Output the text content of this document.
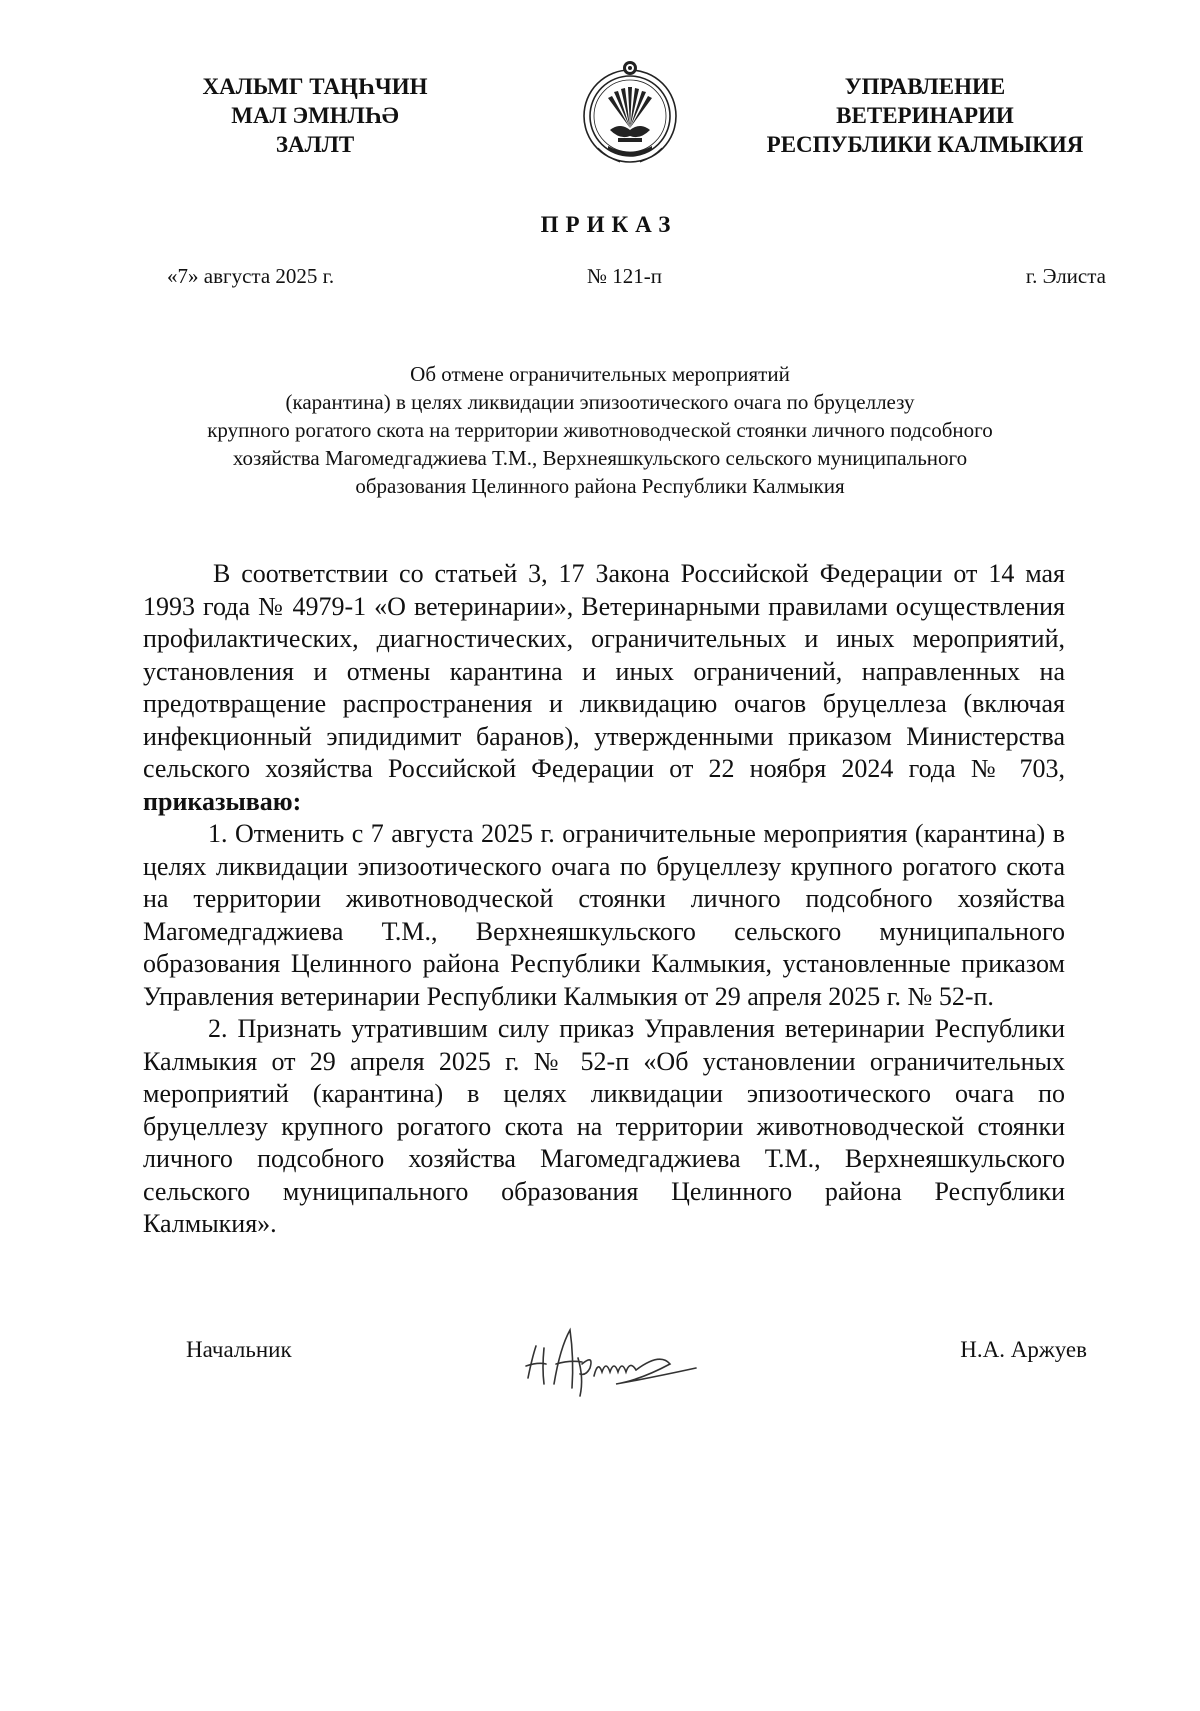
ХАЛЬМГ ТАҢҺЧИН
МАЛ ЭМНЛҺӘ
ЗАЛЛТ
УПРАВЛЕНИЕ
ВЕТЕРИНАРИИ
РЕСПУБЛИКИ КАЛМЫКИЯ
ПРИКАЗ
«7» августа 2025 г.	№ 121-п	г. Элиста
Об отмене ограничительных мероприятий
(карантина) в целях ликвидации эпизоотического очага по бруцеллезу
крупного рогатого скота на территории животноводческой стоянки личного подсобного
хозяйства Магомедгаджиева Т.М., Верхнеяшкульского сельского муниципального
образования Целинного района Республики Калмыкия

В соответствии со статьей 3, 17 Закона Российской Федерации от 14 мая 1993 года № 4979-1 «О ветеринарии», Ветеринарными правилами осуществления профилактических, диагностических, ограничительных и иных мероприятий, установления и отмены карантина и иных ограничений, направленных на предотвращение распространения и ликвидацию очагов бруцеллеза (включая инфекционный эпидидимит баранов), утвержденными приказом Министерства сельского хозяйства Российской Федерации от 22 ноября 2024 года № 703, приказываю:

1. Отменить с 7 августа 2025 г. ограничительные мероприятия (карантина) в целях ликвидации эпизоотического очага по бруцеллезу крупного рогатого скота на территории животноводческой стоянки личного подсобного хозяйства Магомедгаджиева Т.М., Верхнеяшкульского сельского муниципального образования Целинного района Республики Калмыкия, установленные приказом Управления ветеринарии Республики Калмыкия от 29 апреля 2025 г. № 52-п.

2. Признать утратившим силу приказ Управления ветеринарии Республики Калмыкия от 29 апреля 2025 г. № 52-п «Об установлении ограничительных мероприятий (карантина) в целях ликвидации эпизоотического очага по бруцеллезу крупного рогатого скота на территории животноводческой стоянки личного подсобного хозяйства Магомедгаджиева Т.М., Верхнеяшкульского сельского муниципального образования Целинного района Республики Калмыкия».

Начальник	Н.А. Аржуев
